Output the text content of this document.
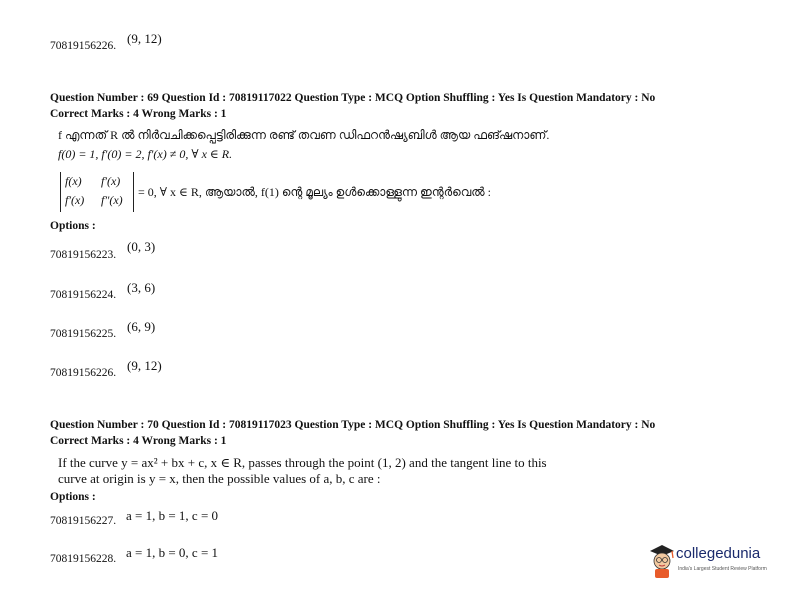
70819156226. (9, 12)
Question Number : 69 Question Id : 70819117022 Question Type : MCQ Option Shuffling : Yes Is Question Mandatory : No
Correct Marks : 4 Wrong Marks : 1
f എന്നത് R ൽ നിർവചിക്കപ്പെട്ടിരിക്കുന്ന രണ്ട് തവണ ഡിഫറൻഷ്യബിൾ ആയ ഫങ്ഷനാണ്.
f(0) = 1, f′(0) = 2, f′(x) ≠ 0, ∀ x ∈ R.
f(x) f′(x)
f′(x) f″(x)
= 0, ∀ x ∈ R, ആയാൽ, f(1) ന്റെ മൂല്യം ഉൾക്കൊള്ളുന്ന ഇന്റർവെൽ :
Options :
70819156223.
(0, 3)
70819156224. (3, 6)
70819156225. (6, 9)
70819156226. (9, 12)
Question Number : 70 Question Id : 70819117023 Question Type : MCQ Option Shuffling : Yes Is Question Mandatory : No
Correct Marks : 4 Wrong Marks : 1
If the curve y = ax² + bx + c, x ∈ R, passes through the point (1, 2) and the tangent line to this
curve at origin is y = x, then the possible values of a, b, c are :
Options :
70819156227. a = 1, b = 1, c = 0
70819156228. a = 1, b = 0, c = 1	collegedunia
India's Largest Student Review Platform
